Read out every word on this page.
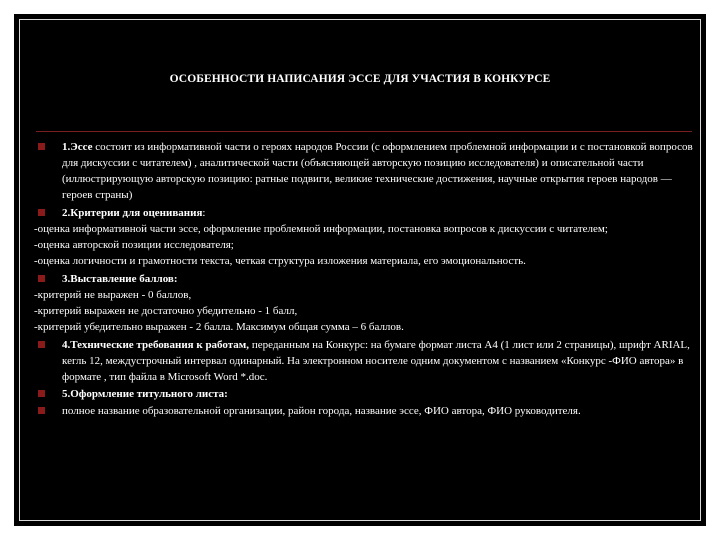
ОСОБЕННОСТИ НАПИСАНИЯ ЭССЕ ДЛЯ УЧАСТИЯ В КОНКУРСЕ
1.Эссе состоит из информативной части о героях народов России (с оформлением проблемной информации и с постановкой вопросов для дискуссии с читателем) , аналитической части (объясняющей авторскую позицию исследователя) и описательной части (иллюстрирующую авторскую позицию: ратные подвиги, великие технические достижения, научные открытия героев народов — героев страны)
2.Критерии для оценивания:
-оценка информативной части эссе, оформление проблемной информации, постановка вопросов к дискуссии с читателем;
-оценка авторской позиции исследователя;
-оценка логичности и грамотности текста, четкая структура изложения материала, его эмоциональность.
3.Выставление баллов:
-критерий не выражен - 0 баллов,
-критерий выражен не достаточно убедительно - 1 балл,
-критерий убедительно выражен - 2 балла. Максимум общая сумма – 6 баллов.
4.Технические требования к работам, переданным на Конкурс: на бумаге формат листа А4 (1 лист или 2 страницы), шрифт ARIAL, кегль 12, междустрочный интервал одинарный. На электронном носителе одним документом с названием «Конкурс -ФИО автора» в формате , тип файла в Microsoft Word *.doc.
5.Оформление титульного листа:
полное название образовательной организации, район города, название эссе, ФИО автора, ФИО руководителя.
